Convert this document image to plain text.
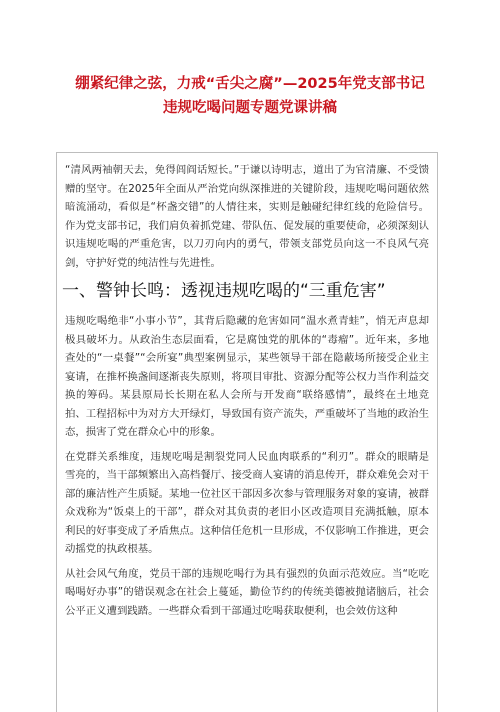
绷紧纪律之弦，力戒“舌尖之腐”—2025年党支部书记
违规吃喝问题专题党课讲稿

“清风两袖朝天去，免得闾阎话短长。”于谦以诗明志，道出了为官清廉、不受馈赠的坚守。在2025年全面从严治党向纵深推进的关键阶段，违规吃喝问题依然暗流涌动，看似是“杯盏交错”的人情往来，实则是触碰纪律红线的危险信号。作为党支部书记，我们肩负着抓党建、带队伍、促发展的重要使命，必须深刻认识违规吃喝的严重危害，以刀刃向内的勇气，带领支部党员向这一不良风气亮剑，守护好党的纯洁性与先进性。

一、警钟长鸣：透视违规吃喝的“三重危害”

违规吃喝绝非“小事小节”，其背后隐藏的危害如同“温水煮青蛙”，悄无声息却极具破坏力。从政治生态层面看，它是腐蚀党的肌体的“毒瘤”。近年来，多地查处的“一桌餐”“会所宴”典型案例显示，某些领导干部在隐蔽场所接受企业主宴请，在推杯换盏间逐渐丧失原则，将项目审批、资源分配等公权力当作利益交换的筹码。某县原局长长期在私人会所与开发商“联络感情”，最终在土地竞拍、工程招标中为对方大开绿灯，导致国有资产流失，严重破坏了当地的政治生态，损害了党在群众心中的形象。

在党群关系维度，违规吃喝是割裂党同人民血肉联系的“利刃”。群众的眼睛是雪亮的，当干部频繁出入高档餐厅、接受商人宴请的消息传开，群众难免会对干部的廉洁性产生质疑。某地一位社区干部因多次参与管理服务对象的宴请，被群众戏称为“饭桌上的干部”，群众对其负责的老旧小区改造项目充满抵触，原本利民的好事变成了矛盾焦点。这种信任危机一旦形成，不仅影响工作推进，更会动摇党的执政根基。

从社会风气角度，党员干部的违规吃喝行为具有强烈的负面示范效应。当“吃吃喝喝好办事”的错误观念在社会上蔓延，勤俭节约的传统美德被抛诸脑后，社会公平正义遭到践踏。一些群众看到干部通过吃喝获取便利，也会效仿这种
